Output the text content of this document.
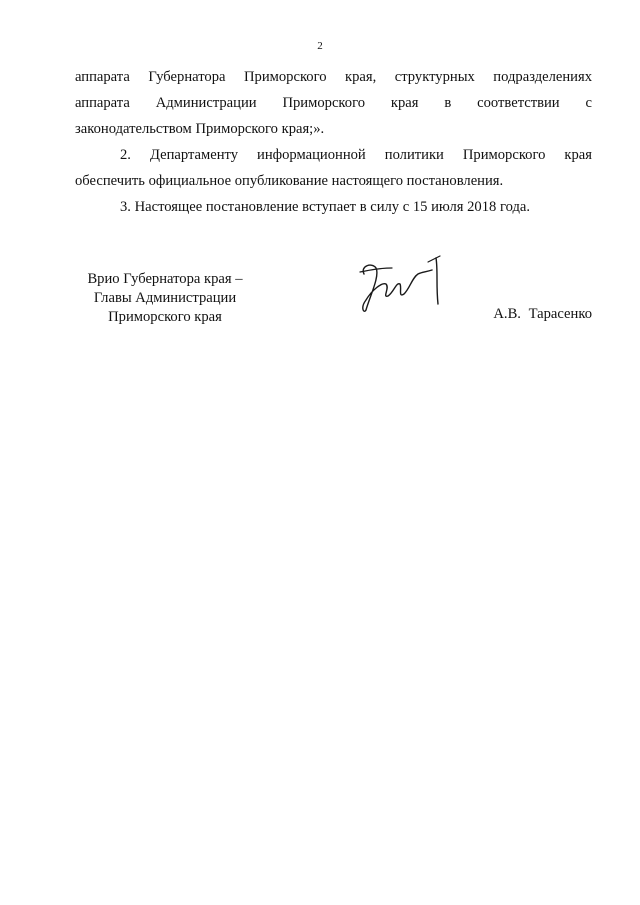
2
аппарата Губернатора Приморского края, структурных подразделениях
аппарата Администрации Приморского края в соответствии с
законодательством Приморского края;».
2. Департаменту информационной политики Приморского края
обеспечить официальное опубликование настоящего постановления.
3. Настоящее постановление вступает в силу с 15 июля 2018 года.
Врио Губернатора края –
Главы Администрации
Приморского края	А.В. Тарасенко
